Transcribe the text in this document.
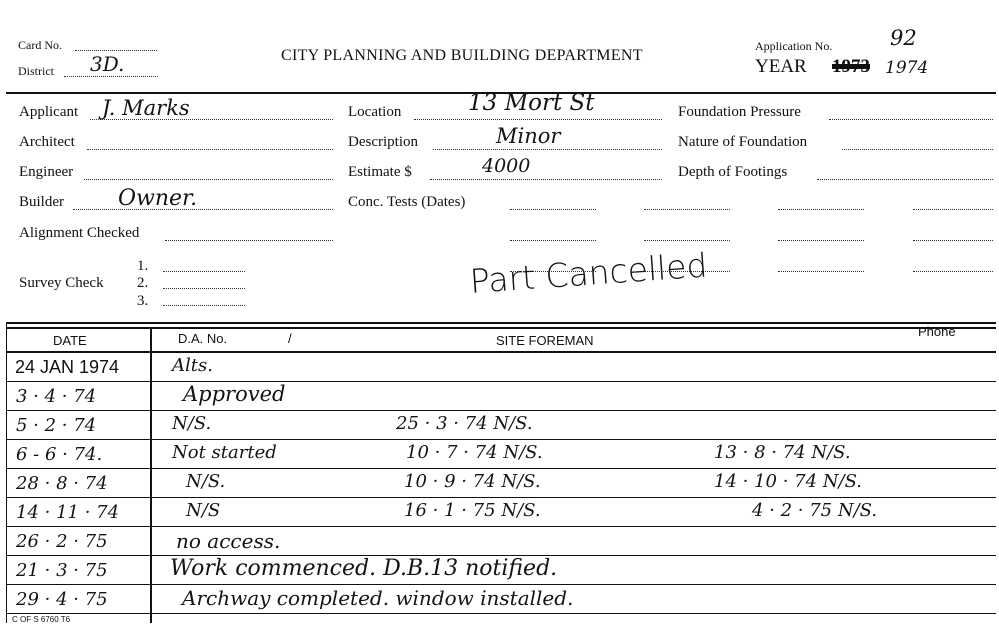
Card No.
District 3D.	CITY PLANNING AND BUILDING DEPARTMENT
Application No.	92
YEAR 1973 1974
Applicant J. Marks
Architect
Engineer
Builder Owner.
Alignment Checked
Survey Check
1.
2.
3.
Location	13 Mort St
Description	Minor
Estimate $	4000
Conc. Tests (Dates)
Foundation Pressure
Nature of Foundation
Depth of Footings
Part Cancelled
DATE	D.A. No.	/	SITE FOREMAN
Phone
24 JAN 1974	Alts.
3 · 4 · 74	Approved
5 · 2 · 74	N/S.	25 · 3 · 74 N/S.
6 - 6 · 74.	Not started	10 · 7 · 74 N/S.	13 · 8 · 74 N/S.
28 · 8 · 74	N/S.	10 · 9 · 74 N/S.	14 · 10 · 74 N/S.
14 · 11 · 74	N/S	16 · 1 · 75 N/S.	4 · 2 · 75 N/S.
26 · 2 · 75	no access.
21 · 3 · 75	Work commenced. D.B.13 notified.
29 · 4 · 75	Archway completed. window installed.
C OF S 6760 T6
